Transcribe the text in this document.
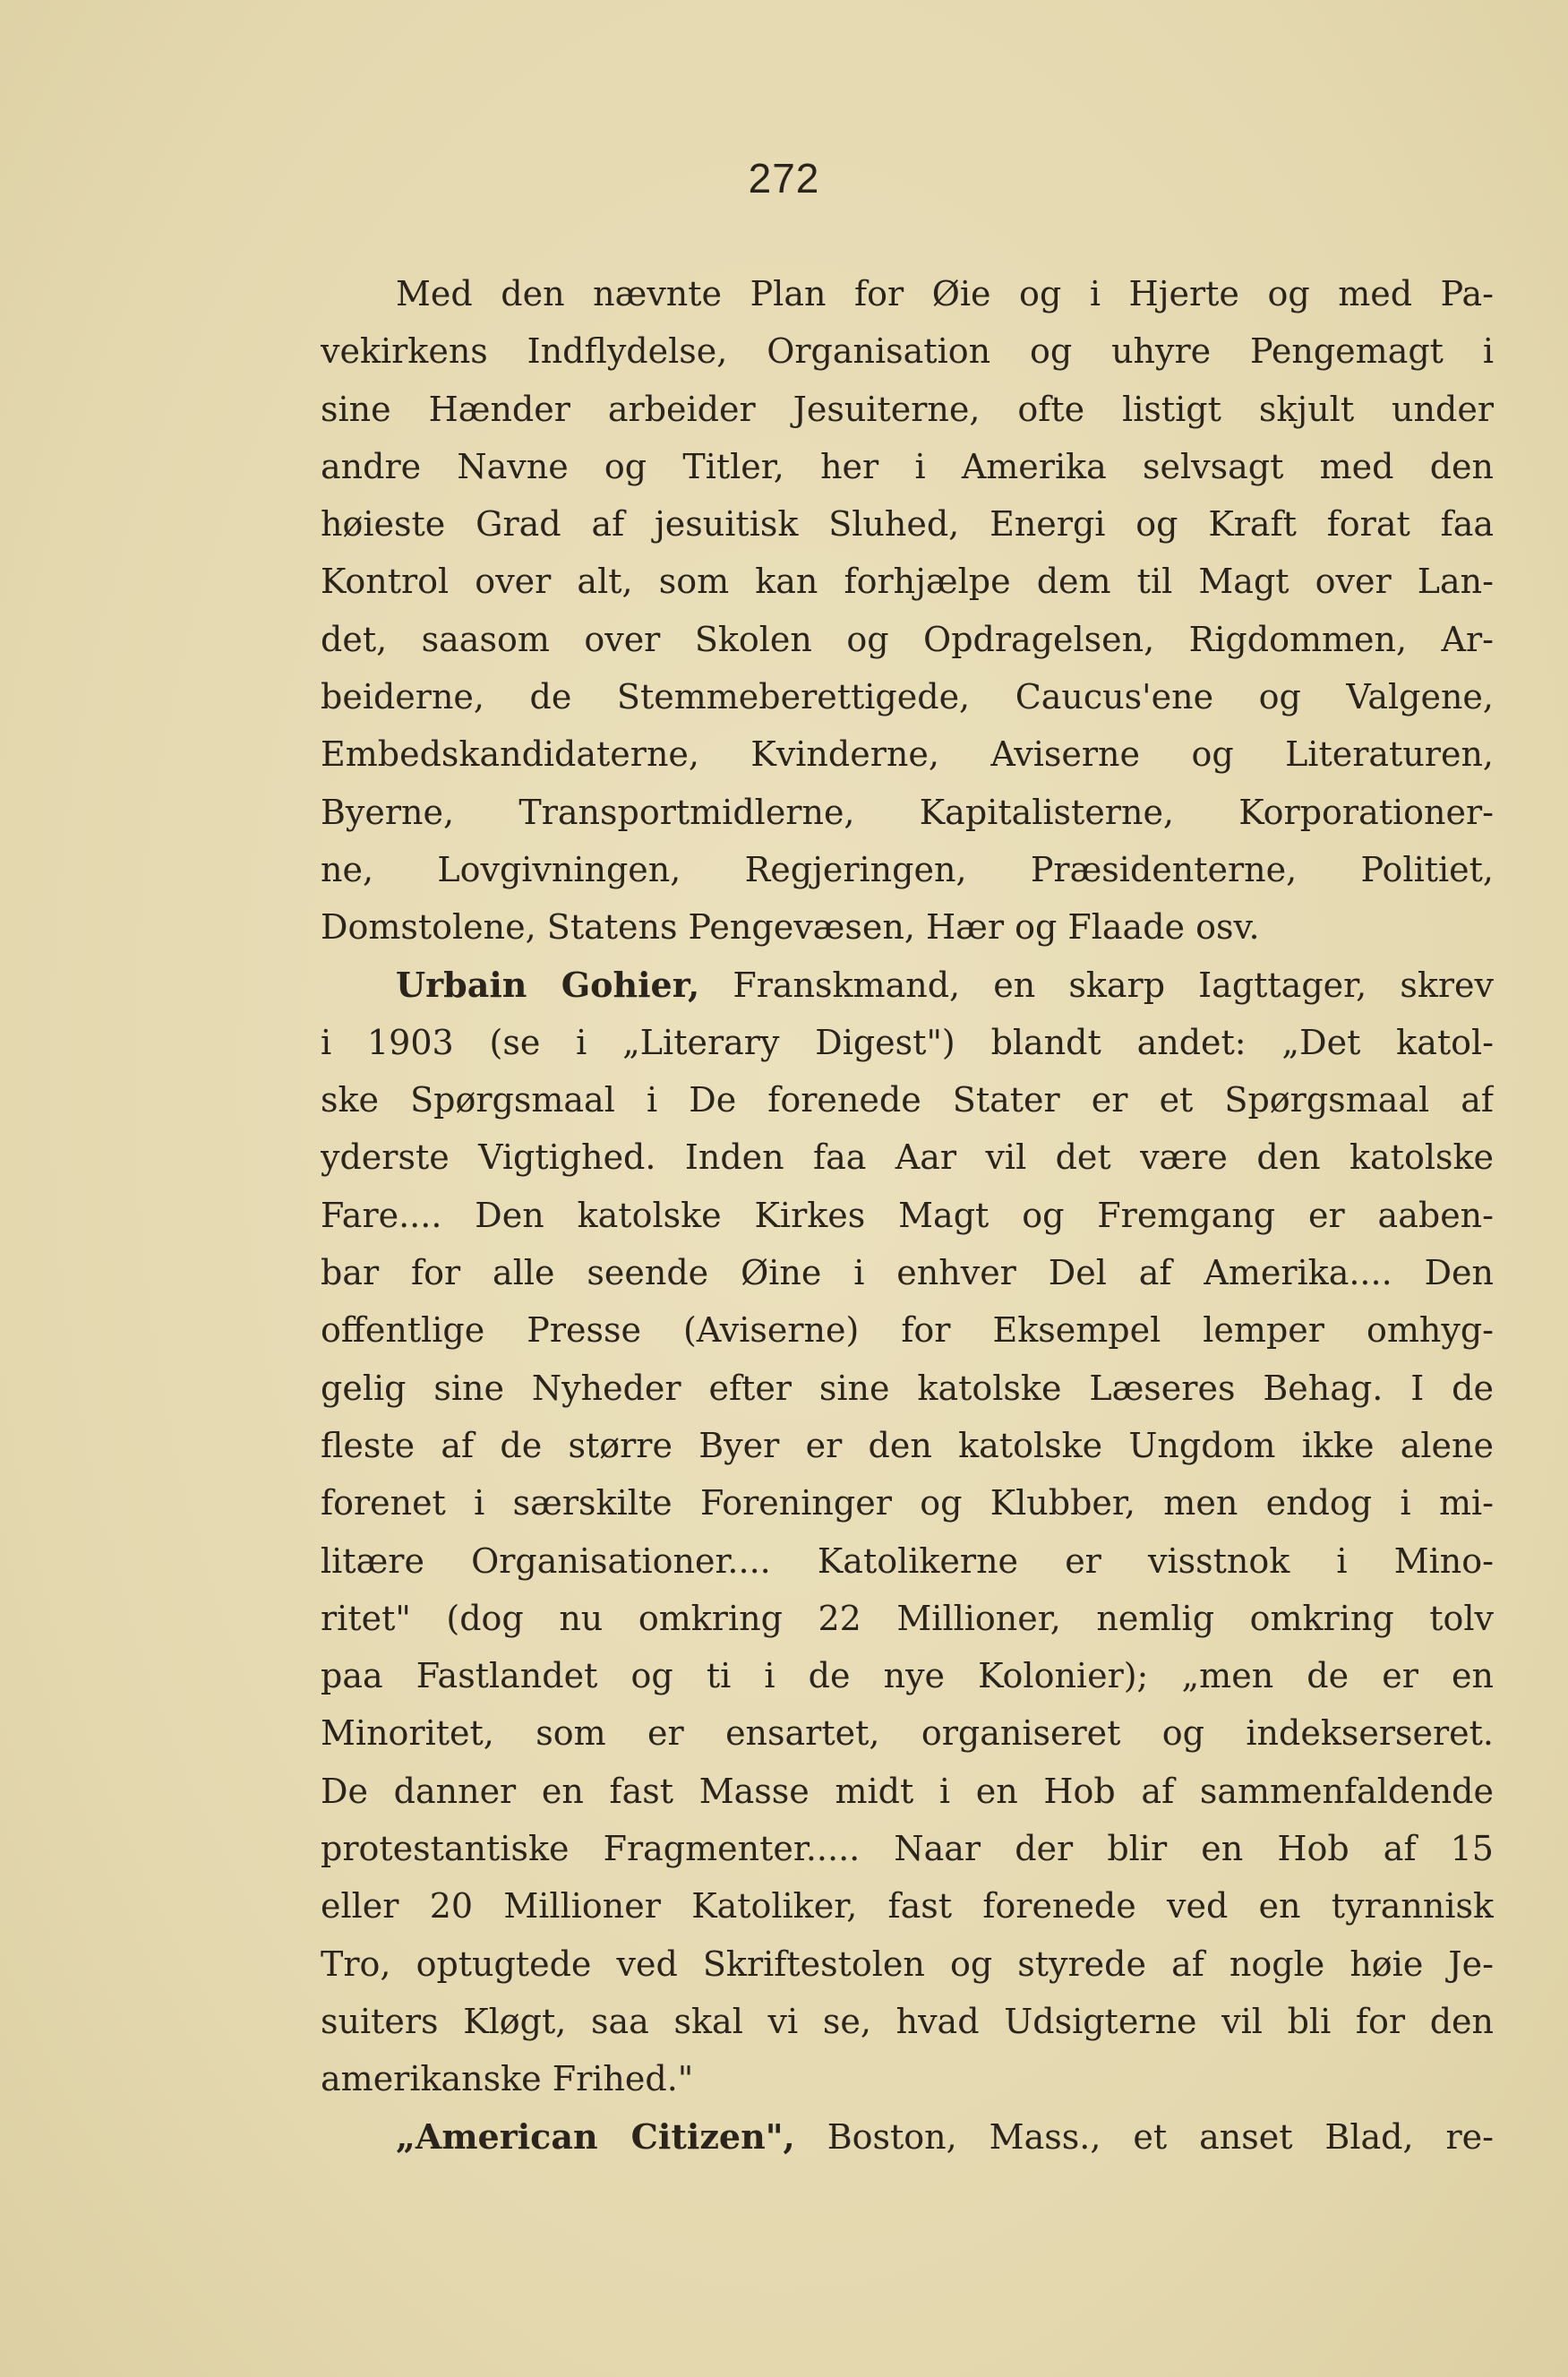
272
Med den nævnte Plan for Øie og i Hjerte og med Pa-
vekirkens Indflydelse, Organisation og uhyre Pengemagt i
sine Hænder arbeider Jesuiterne, ofte listigt skjult under
andre Navne og Titler, her i Amerika selvsagt med den
høieste Grad af jesuitisk Sluhed, Energi og Kraft forat faa
Kontrol over alt, som kan forhjælpe dem til Magt over Lan-
det, saasom over Skolen og Opdragelsen, Rigdommen, Ar-
beiderne, de Stemmeberettigede, Caucus'ene og Valgene,
Embedskandidaterne, Kvinderne, Aviserne og Literaturen,
Byerne, Transportmidlerne, Kapitalisterne, Korporationer-
ne, Lovgivningen, Regjeringen, Præsidenterne, Politiet,
Domstolene, Statens Pengevæsen, Hær og Flaade osv.
Urbain Gohier, Franskmand, en skarp Iagttager, skrev
i 1903 (se i „Literary Digest") blandt andet: „Det katol-
ske Spørgsmaal i De forenede Stater er et Spørgsmaal af
yderste Vigtighed. Inden faa Aar vil det være den katolske
Fare.... Den katolske Kirkes Magt og Fremgang er aaben-
bar for alle seende Øine i enhver Del af Amerika.... Den
offentlige Presse (Aviserne) for Eksempel lemper omhyg-
gelig sine Nyheder efter sine katolske Læseres Behag. I de
fleste af de større Byer er den katolske Ungdom ikke alene
forenet i særskilte Foreninger og Klubber, men endog i mi-
litære Organisationer.... Katolikerne er visstnok i Mino-
ritet" (dog nu omkring 22 Millioner, nemlig omkring tolv
paa Fastlandet og ti i de nye Kolonier); „men de er en
Minoritet, som er ensartet, organiseret og indekserseret.
De danner en fast Masse midt i en Hob af sammenfaldende
protestantiske Fragmenter..... Naar der blir en Hob af 15
eller 20 Millioner Katoliker, fast forenede ved en tyrannisk
Tro, optugtede ved Skriftestolen og styrede af nogle høie Je-
suiters Kløgt, saa skal vi se, hvad Udsigterne vil bli for den
amerikanske Frihed."
„American Citizen", Boston, Mass., et anset Blad, re-
